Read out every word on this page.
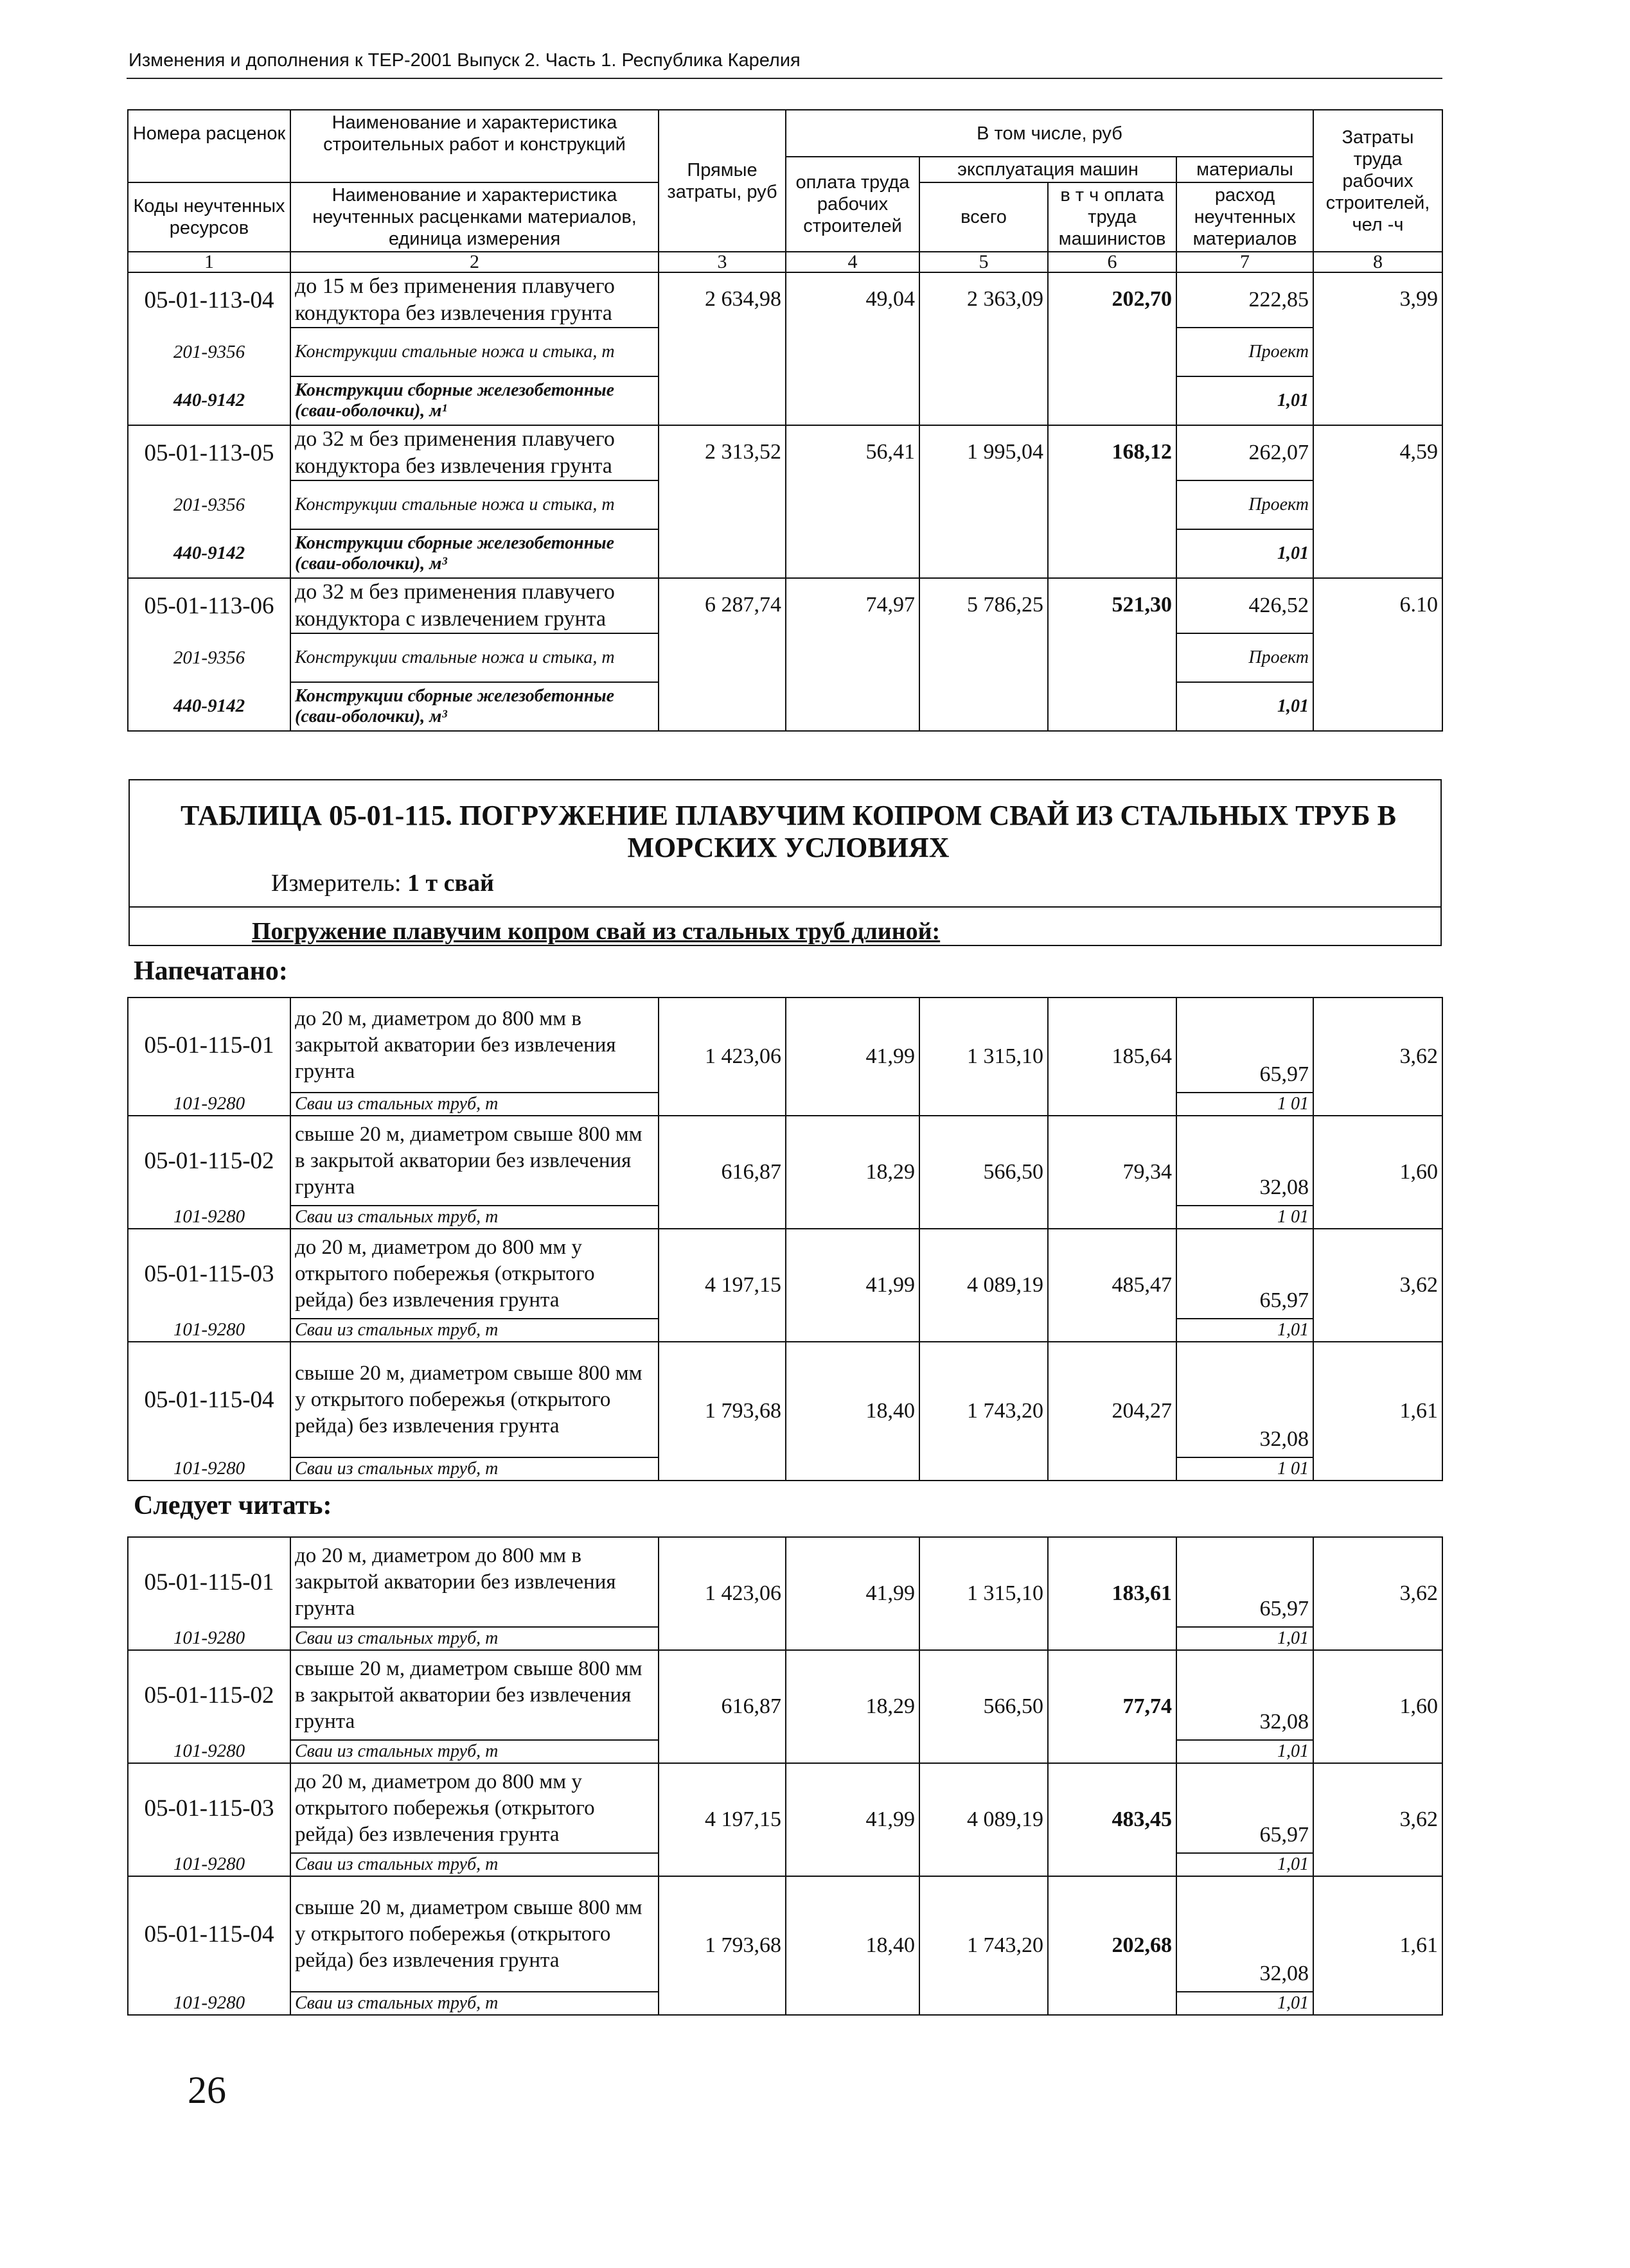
Изменения и дополнения к ТЕР-2001 Выпуск 2. Часть 1. Республика Карелия
Номера расценок	Наименование и характеристика строительных работ и конструкций	Прямые затраты, руб	В том числе, руб				Затраты труда рабочих строителей, чел -ч
			оплата труда рабочих строителей	эксплуатация машин		материалы	
Коды неучтенных ресурсов	Наименование и характеристика неучтенных расценками материалов, единица измерения			всего	в т ч оплата труда машинистов	расход неучтенных материалов	

1	2	3	4	5	6	7	8
05-01-113-04	до 15 м без применения плавучего кондуктора без извлечения грунта	2 634,98	49,04	2 363,09	202,70	222,85	3,99
201-9356	Конструкции стальные ножа и стыка, т					Проект	
440-9142	Конструкции сборные железобетонные (сваи-оболочки), м¹					1,01	
05-01-113-05	до 32 м без применения плавучего кондуктора без извлечения грунта	2 313,52	56,41	1 995,04	168,12	262,07	4,59
201-9356	Конструкции стальные ножа и стыка, т					Проект	
440-9142	Конструкции сборные железобетонные (сваи-оболочки), м³					1,01	
05-01-113-06	до 32 м без применения плавучего кондуктора с извлечением грунта	6 287,74	74,97	5 786,25	521,30	426,52	6.10
201-9356	Конструкции стальные ножа и стыка, т					Проект	
440-9142	Конструкции сборные железобетонные (сваи-оболочки), м³					1,01	
ТАБЛИЦА 05-01-115. ПОГРУЖЕНИЕ ПЛАВУЧИМ КОПРОМ СВАЙ ИЗ СТАЛЬНЫХ ТРУБ В МОРСКИХ УСЛОВИЯХ
Измеритель: 1 т свай
Погружение плавучим копром свай из стальных труб длиной:
Напечатано:
05-01-115-01	до 20 м, диаметром до 800 мм в закрытой акватории без извлечения грунта	1 423,06	41,99	1 315,10	185,64	65,97	3,62
101-9280	Сваи из стальных труб, т					1 01	
05-01-115-02	свыше 20 м, диаметром свыше 800 мм в закрытой акватории без извлечения грунта	616,87	18,29	566,50	79,34	32,08	1,60
101-9280	Сваи из стальных труб, т					1 01	
05-01-115-03	до 20 м, диаметром до 800 мм у открытого побережья (открытого рейда) без извлечения грунта	4 197,15	41,99	4 089,19	485,47	65,97	3,62
101-9280	Сваи из стальных труб, т					1,01	
05-01-115-04	свыше 20 м, диаметром свыше 800 мм у открытого побережья (открытого рейда) без извлечения грунта	1 793,68	18,40	1 743,20	204,27	32,08	1,61
101-9280	Сваи из стальных труб, т					1 01	
Следует читать:
05-01-115-01	до 20 м, диаметром до 800 мм в закрытой акватории без извлечения грунта	1 423,06	41,99	1 315,10	183,61	65,97	3,62
101-9280	Сваи из стальных труб, т					1,01	
05-01-115-02	свыше 20 м, диаметром свыше 800 мм в закрытой акватории без извлечения грунта	616,87	18,29	566,50	77,74	32,08	1,60
101-9280	Сваи из стальных труб, т					1,01	
05-01-115-03	до 20 м, диаметром до 800 мм у открытого побережья (открытого рейда) без извлечения грунта	4 197,15	41,99	4 089,19	483,45	65,97	3,62
101-9280	Сваи из стальных труб, т					1,01	
05-01-115-04	свыше 20 м, диаметром свыше 800 мм у открытого побережья (открытого рейда) без извлечения грунта	1 793,68	18,40	1 743,20	202,68	32,08	1,61
101-9280	Сваи из стальных труб, т					1,01	
26
